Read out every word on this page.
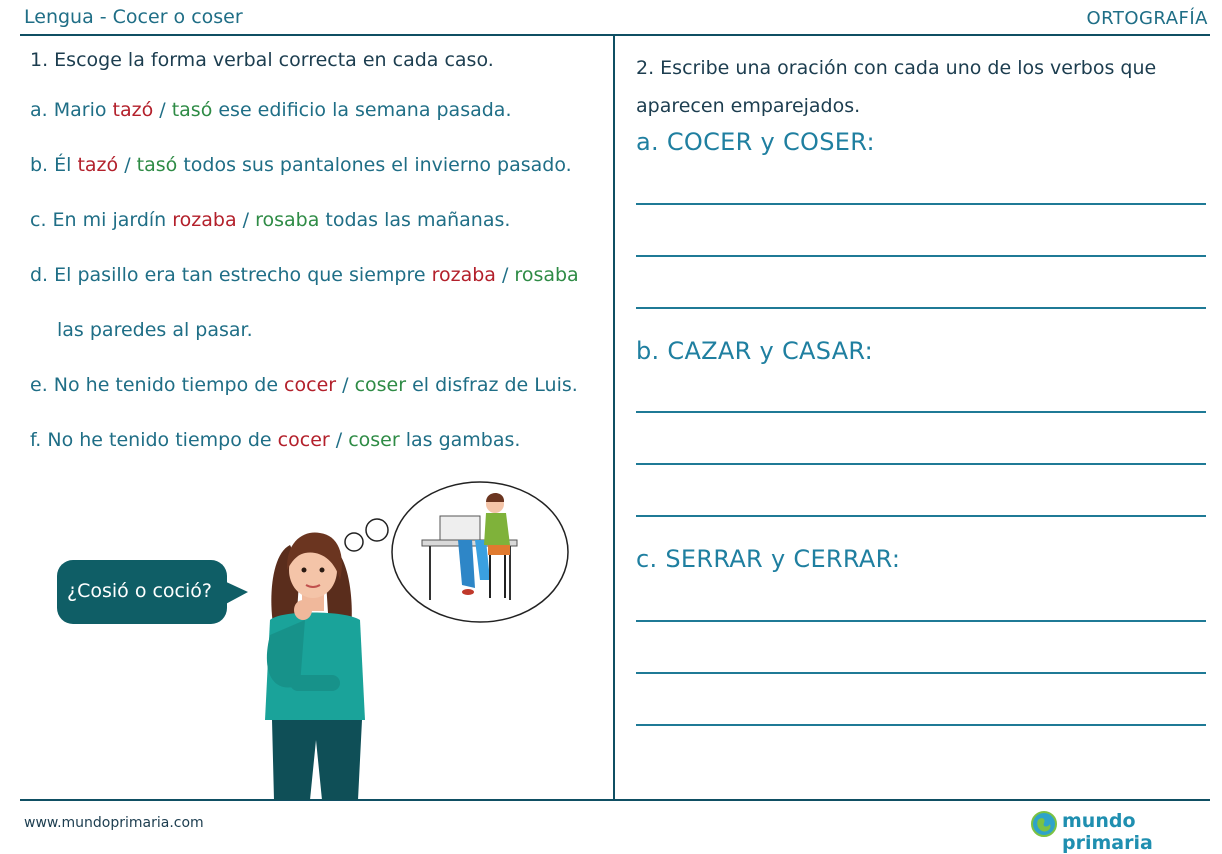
Lengua - Cocer o coser	ORTOGRAFÍA
1. Escoge la forma verbal correcta en cada caso.
a. Mario tazó / tasó ese edificio la semana pasada.
b. Él tazó / tasó todos sus pantalones el invierno pasado.
c. En mi jardín rozaba / rosaba todas las mañanas.
d. El pasillo era tan estrecho que siempre rozaba / rosaba
las paredes al pasar.
e. No he tenido tiempo de cocer / coser el disfraz de Luis.
f. No he tenido tiempo de cocer / coser las gambas.
¿Cosió o coció?
2. Escribe una oración con cada uno de los verbos que aparecen emparejados.
a. COCER y COSER:
b. CAZAR y CASAR:
c. SERRAR y CERRAR:
www.mundoprimaria.com	mundo primaria
